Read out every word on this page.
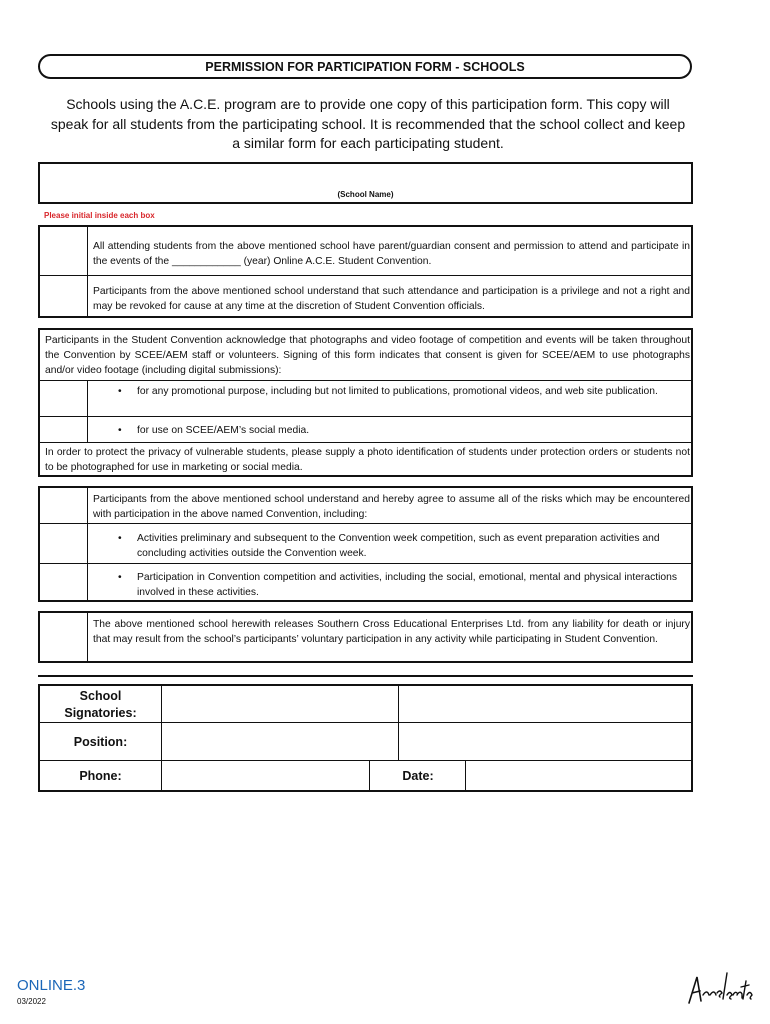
PERMISSION FOR PARTICIPATION FORM - SCHOOLS
Schools using the A.C.E. program are to provide one copy of this participation form. This copy will speak for all students from the participating school. It is recommended that the school collect and keep a similar form for each participating student.
(School Name)
Please initial inside each box
All attending students from the above mentioned school have parent/guardian consent and permission to attend and participate in the events of the ____________ (year) Online A.C.E. Student Convention.
Participants from the above mentioned school understand that such attendance and participation is a privilege and not a right and may be revoked for cause at any time at the discretion of Student Convention officials.
Participants in the Student Convention acknowledge that photographs and video footage of competition and events will be taken throughout the Convention by SCEE/AEM staff or volunteers. Signing of this form indicates that consent is given for SCEE/AEM to use photographs and/or video footage (including digital submissions):
• for any promotional purpose, including but not limited to publications, promotional videos, and web site publication.
• for use on SCEE/AEM’s social media.
In order to protect the privacy of vulnerable students, please supply a photo identification of students under protection orders or students not to be photographed for use in marketing or social media.
Participants from the above mentioned school understand and hereby agree to assume all of the risks which may be encountered with participation in the above named Convention, including:
• Activities preliminary and subsequent to the Convention week competition, such as event preparation activities and concluding activities outside the Convention week.
• Participation in Convention competition and activities, including the social, emotional, mental and physical interactions involved in these activities.
The above mentioned school herewith releases Southern Cross Educational Enterprises Ltd. from any liability for death or injury that may result from the school’s participants’ voluntary participation in any activity while participating in Student Convention.
School Signatories:
Position:
Phone:	Date:
ONLINE.3
03/2022
